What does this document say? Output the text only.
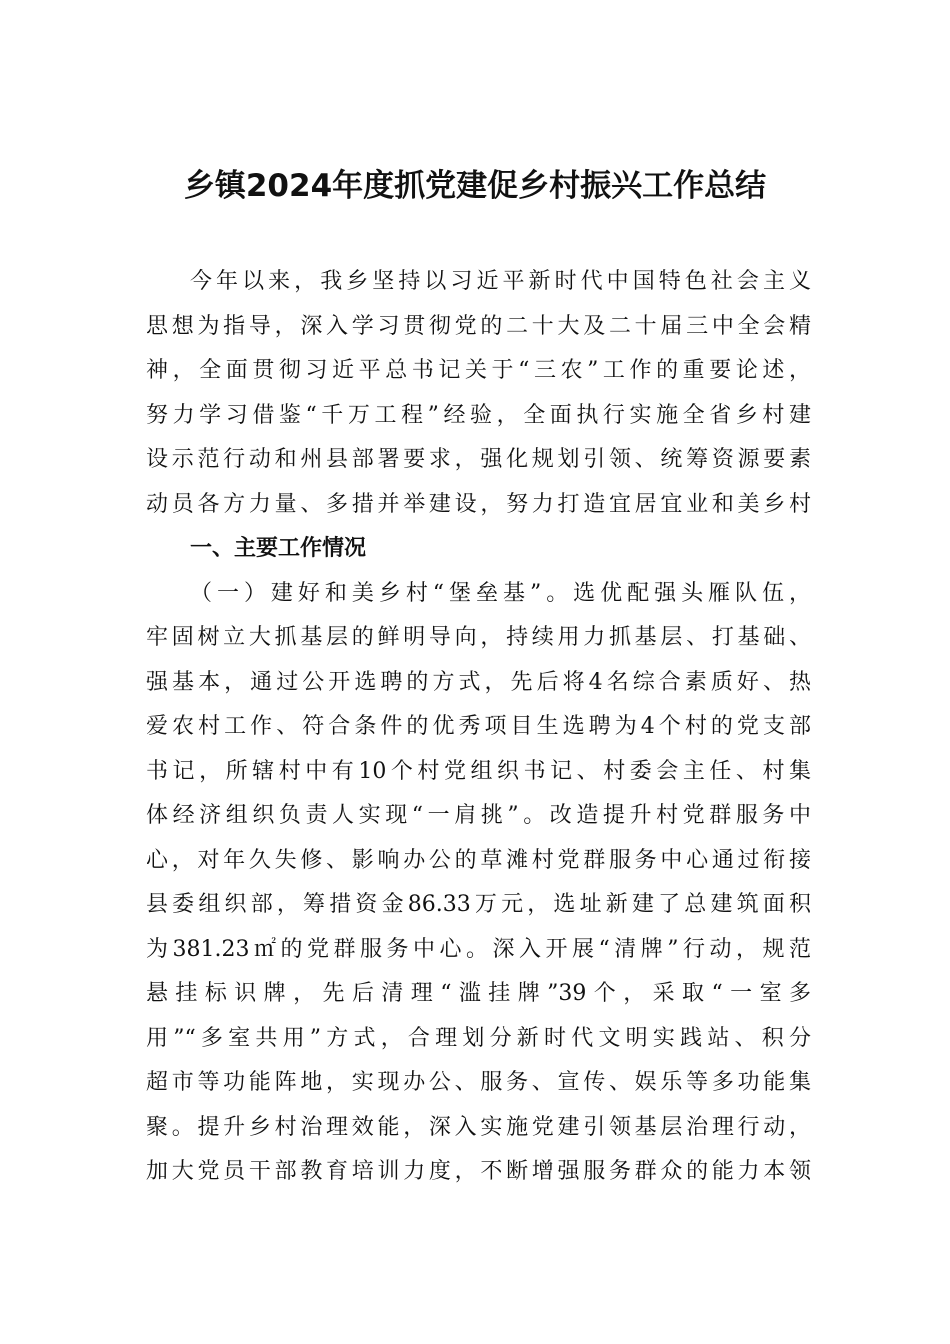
乡镇2024年度抓党建促乡村振兴工作总结
今年以来，我乡坚持以习近平新时代中国特色社会主义
思想为指导，深入学习贯彻党的二十大及二十届三中全会精
神，全面贯彻习近平总书记关于“三农”工作的重要论述，
努力学习借鉴“千万工程”经验，全面执行实施全省乡村建
设示范行动和州县部署要求，强化规划引领、统筹资源要素
动员各方力量、多措并举建设，努力打造宜居宜业和美乡村
一、主要工作情况
（一）建好和美乡村“堡垒基”。选优配强头雁队伍，
牢固树立大抓基层的鲜明导向，持续用力抓基层、打基础、
强基本，通过公开选聘的方式，先后将4名综合素质好、热
爱农村工作、符合条件的优秀项目生选聘为4个村的党支部
书记，所辖村中有10个村党组织书记、村委会主任、村集
体经济组织负责人实现“一肩挑”。改造提升村党群服务中
心，对年久失修、影响办公的草滩村党群服务中心通过衔接
县委组织部，筹措资金86.33万元，选址新建了总建筑面积
为381.23㎡的党群服务中心。深入开展“清牌”行动，规范
悬挂标识牌，先后清理“滥挂牌”39个，采取“一室多
用”“多室共用”方式，合理划分新时代文明实践站、积分
超市等功能阵地，实现办公、服务、宣传、娱乐等多功能集
聚。提升乡村治理效能，深入实施党建引领基层治理行动，
加大党员干部教育培训力度，不断增强服务群众的能力本领
